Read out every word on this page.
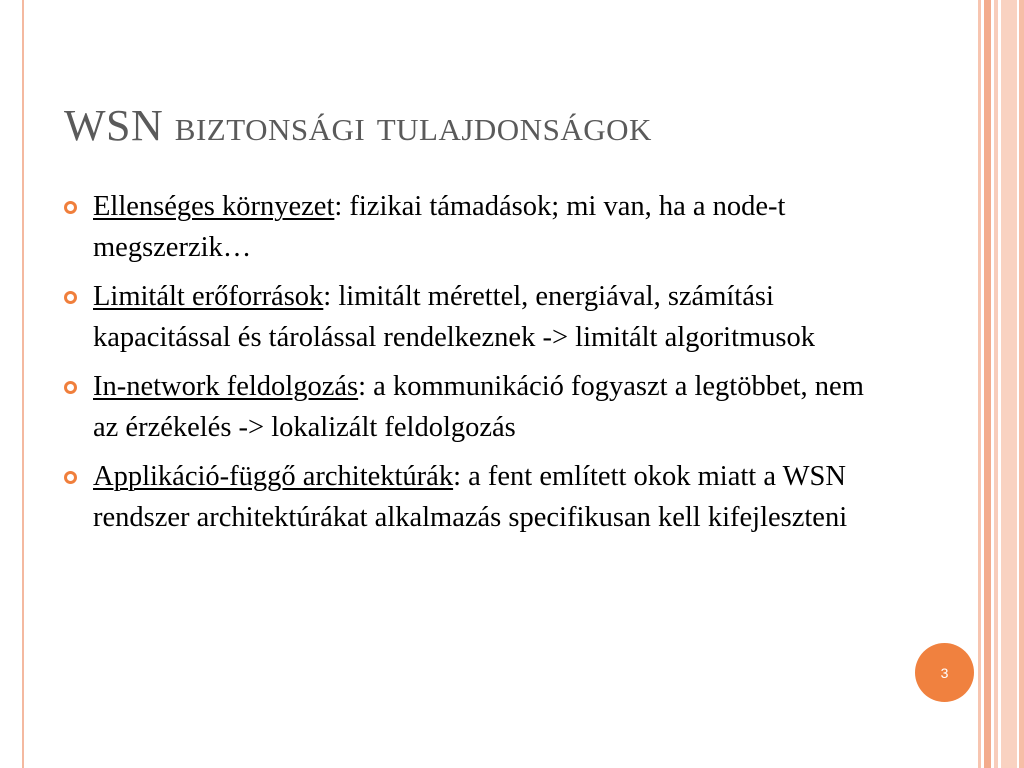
WSN biztonsági tulajdonságok
Ellenséges környezet: fizikai támadások; mi van, ha a node-t megszerzik…
Limitált erőforrások: limitált mérettel, energiával, számítási kapacitással és tárolással rendelkeznek -> limitált algoritmusok
In-network feldolgozás: a kommunikáció fogyaszt a legtöbbet, nem az érzékelés -> lokalizált feldolgozás
Applikáció-függő architektúrák: a fent említett okok miatt a WSN rendszer architektúrákat alkalmazás specifikusan kell kifejleszteni
3
